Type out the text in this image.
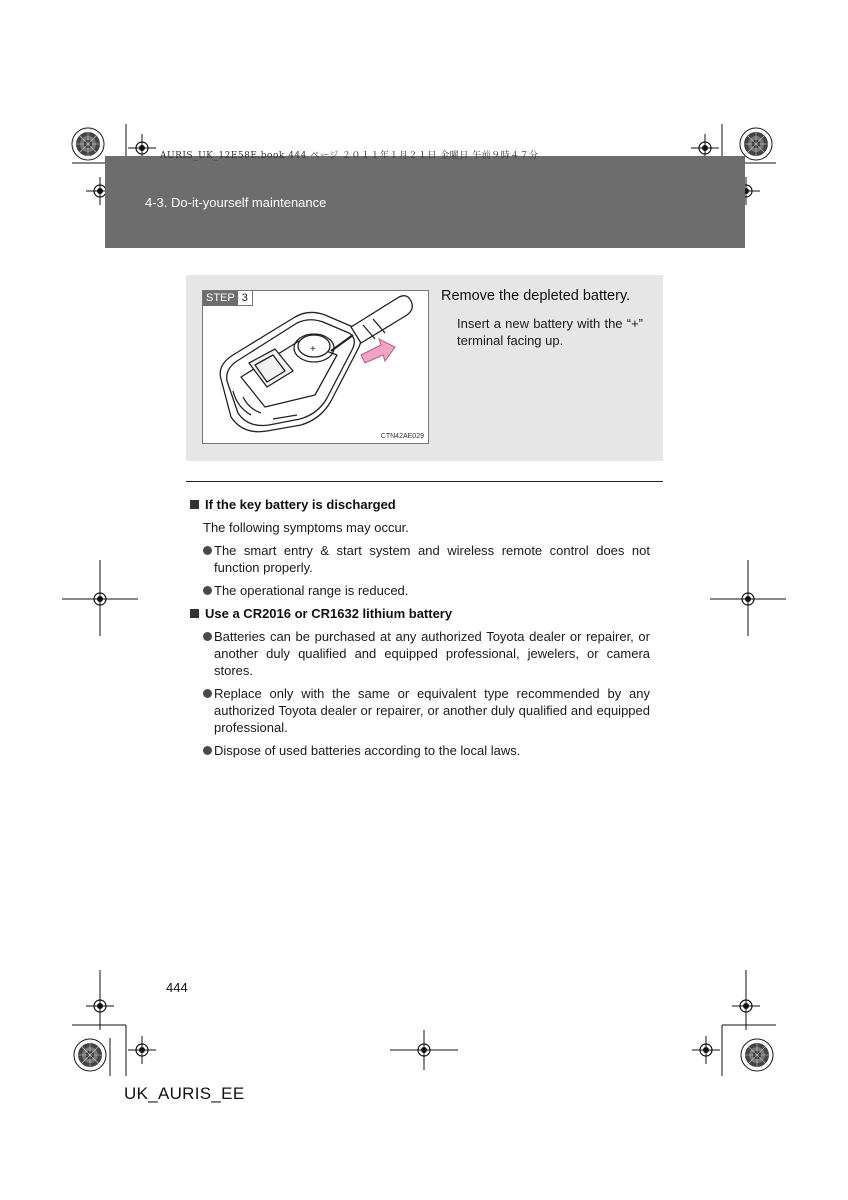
AURIS_UK_12E58E.book 444 ページ ２０１１年１月２１日 金曜日 午前９時４７分
4-3. Do-it-yourself maintenance
STEP 3
+
CTN42AE029
Remove the depleted battery.
Insert a new battery with the “+” terminal facing up.
If the key battery is discharged
The following symptoms may occur.
The smart entry & start system and wireless remote control does not function properly.
The operational range is reduced.
Use a CR2016 or CR1632 lithium battery
Batteries can be purchased at any authorized Toyota dealer or repairer, or another duly qualified and equipped professional, jewelers, or camera stores.
Replace only with the same or equivalent type recommended by any authorized Toyota dealer or repairer, or another duly qualified and equipped professional.
Dispose of used batteries according to the local laws.
444
UK_AURIS_EE
